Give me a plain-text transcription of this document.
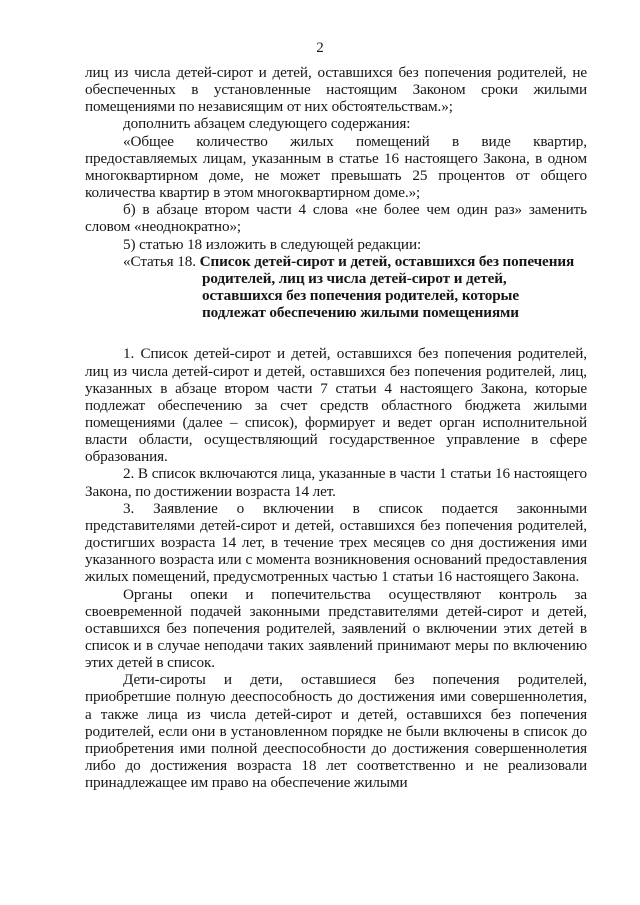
2

лиц из числа детей-сирот и детей, оставшихся без попечения родителей, не обеспеченных в установленные настоящим Законом сроки жилыми помещениями по независящим от них обстоятельствам.»;

дополнить абзацем следующего содержания:

«Общее количество жилых помещений в виде квартир, предоставляемых лицам, указанным в статье 16 настоящего Закона, в одном многоквартирном доме, не может превышать 25 процентов от общего количества квартир в этом многоквартирном доме.»;

б) в абзаце втором части 4 слова «не более чем один раз» заменить словом «неоднократно»;

5) статью 18 изложить в следующей редакции:

«Статья 18. Список детей-сирот и детей, оставшихся без попечения
родителей, лиц из числа детей-сирот и детей,
оставшихся без попечения родителей, которые
подлежат обеспечению жилыми помещениями

1. Список детей-сирот и детей, оставшихся без попечения родителей, лиц из числа детей-сирот и детей, оставшихся без попечения родителей, лиц, указанных в абзаце втором части 7 статьи 4 настоящего Закона, которые подлежат обеспечению за счет средств областного бюджета жилыми помещениями (далее – список), формирует и ведет орган исполнительной власти области, осуществляющий государственное управление в сфере образования.

2. В список включаются лица, указанные в части 1 статьи 16 настоящего Закона, по достижении возраста 14 лет.

3. Заявление о включении в список подается законными представителями детей-сирот и детей, оставшихся без попечения родителей, достигших возраста 14 лет, в течение трех месяцев со дня достижения ими указанного возраста или с момента возникновения оснований предоставления жилых помещений, предусмотренных частью 1 статьи 16 настоящего Закона.

Органы опеки и попечительства осуществляют контроль за своевременной подачей законными представителями детей-сирот и детей, оставшихся без попечения родителей, заявлений о включении этих детей в список и в случае неподачи таких заявлений принимают меры по включению этих детей в список.

Дети-сироты и дети, оставшиеся без попечения родителей, приобретшие полную дееспособность до достижения ими совершеннолетия, а также лица из числа детей-сирот и детей, оставшихся без попечения родителей, если они в установленном порядке не были включены в список до приобретения ими полной дееспособности до достижения совершеннолетия либо до достижения возраста 18 лет соответственно и не реализовали принадлежащее им право на обеспечение жилыми
